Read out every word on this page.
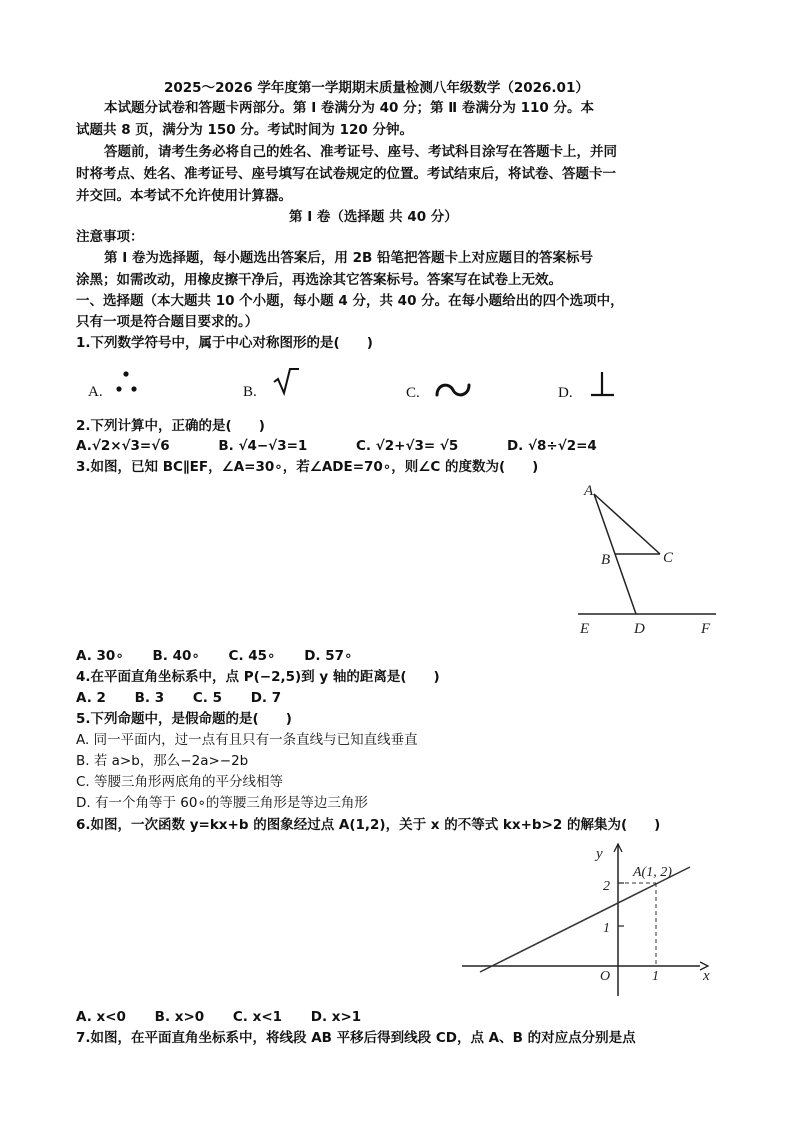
2025～2026 学年度第一学期期末质量检测八年级数学（2026.01）
本试题分试卷和答题卡两部分。第 Ⅰ 卷满分为 40 分；第 Ⅱ 卷满分为 110 分。本
试题共 8 页，满分为 150 分。考试时间为 120 分钟。
答题前，请考生务必将自己的姓名、准考证号、座号、考试科目涂写在答题卡上，并同
时将考点、姓名、准考证号、座号填写在试卷规定的位置。考试结束后，将试卷、答题卡一
并交回。本考试不允许使用计算器。
第 Ⅰ 卷（选择题 共 40 分）
注意事项：
第 Ⅰ 卷为选择题，每小题选出答案后，用 2B 铅笔把答题卡上对应题目的答案标号
涂黑；如需改动，用橡皮擦干净后，再选涂其它答案标号。答案写在试卷上无效。
一、选择题（本大题共 10 个小题，每小题 4 分，共 40 分。在每小题给出的四个选项中，
只有一项是符合题目要求的。）
1.下列数学符号中，属于中心对称图形的是(　　)
A.	B.	C.	D.
2.下列计算中，正确的是(　　)
A.√2×√3=√6	B. √4−√3=1	C. √2+√3= √5	D. √8÷√2=4
3.如图，已知 BC∥EF，∠A=30∘，若∠ADE=70∘，则∠C 的度数为(　　)
A
B	C
E	D	F
A. 30∘ B. 40∘ C. 45∘ D. 57∘
4.在平面直角坐标系中，点 P(−2,5)到 y 轴的距离是(　　)
A. 2 B. 3 C. 5 D. 7
5.下列命题中，是假命题的是(　　)
A. 同一平面内，过一点有且只有一条直线与已知直线垂直
B. 若 a>b，那么−2a>−2b
C. 等腰三角形两底角的平分线相等
D. 有一个角等于 60∘的等腰三角形是等边三角形
6.如图，一次函数 y=kx+b 的图象经过点 A(1,2)，关于 x 的不等式 kx+b>2 的解集为(　　)
y
A(1, 2)
2
1
O	1	x
A. x<0 B. x>0 C. x<1 D. x>1
7.如图，在平面直角坐标系中，将线段 AB 平移后得到线段 CD，点 A、B 的对应点分别是点
